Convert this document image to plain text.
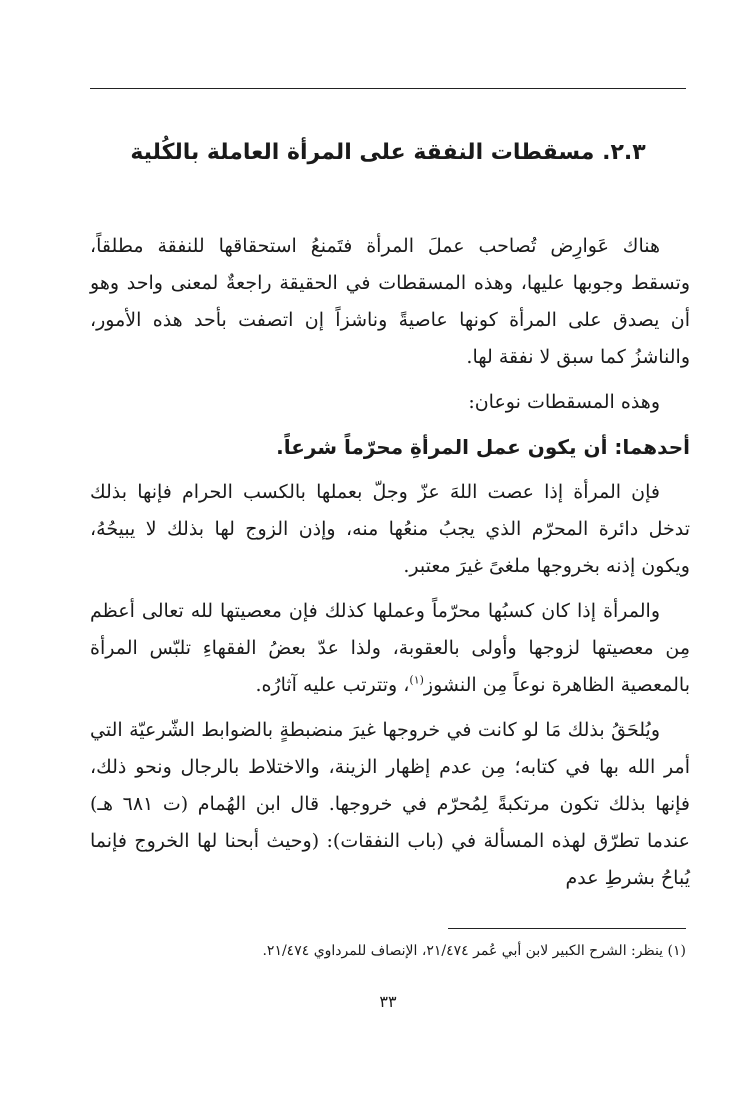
٢.٣. مسقطات النفقة على المرأة العاملة بالكُلية

هناك عَوارِض تُصاحب عملَ المرأة فتَمنعُ استحقاقها للنفقة مطلقاً، وتسقط وجوبها عليها، وهذه المسقطات في الحقيقة راجعةٌ لمعنى واحد وهو أن يصدق على المرأة كونها عاصيةً وناشزاً إن اتصفت بأحد هذه الأمور، والناشزُ كما سبق لا نفقة لها.

وهذه المسقطات نوعان:

أحدهما: أن يكون عمل المرأةِ محرّماً شرعاً.

فإن المرأة إذا عصت اللهَ عزّ وجلّ بعملها بالكسب الحرام فإنها بذلك تدخل دائرة المحرّم الذي يجبُ منعُها منه، وإذن الزوج لها بذلك لا يبيحُهُ، ويكون إذنه بخروجها ملغىً غيرَ معتبر.

والمرأة إذا كان كسبُها محرّماً وعملها كذلك فإن معصيتها لله تعالى أعظم مِن معصيتها لزوجها وأولى بالعقوبة، ولذا عدّ بعضُ الفقهاءِ تلبّس المرأة بالمعصية الظاهرة نوعاً مِن النشوز$^{(١)}$، وتترتب عليه آثارُه.

ويُلحَقُ بذلك مَا لو كانت في خروجها غيرَ منضبطةٍ بالضوابط الشّرعيّة التي أمر الله بها في كتابه؛ مِن عدم إظهار الزينة، والاختلاط بالرجال ونحو ذلك، فإنها بذلك تكون مرتكبةً لِمُحرّم في خروجها. قال ابن الهُمام (ت ٦٨١ هـ) عندما تطرّق لهذه المسألة في (باب النفقات): (وحيث أبحنا لها الخروج فإنما يُباحُ بشرطِ عدم

(١) ينظر: الشرح الكبير لابن أبي عُمر ٢١/٤٧٤، الإنصاف للمرداوي ٢١/٤٧٤.
٣٣
